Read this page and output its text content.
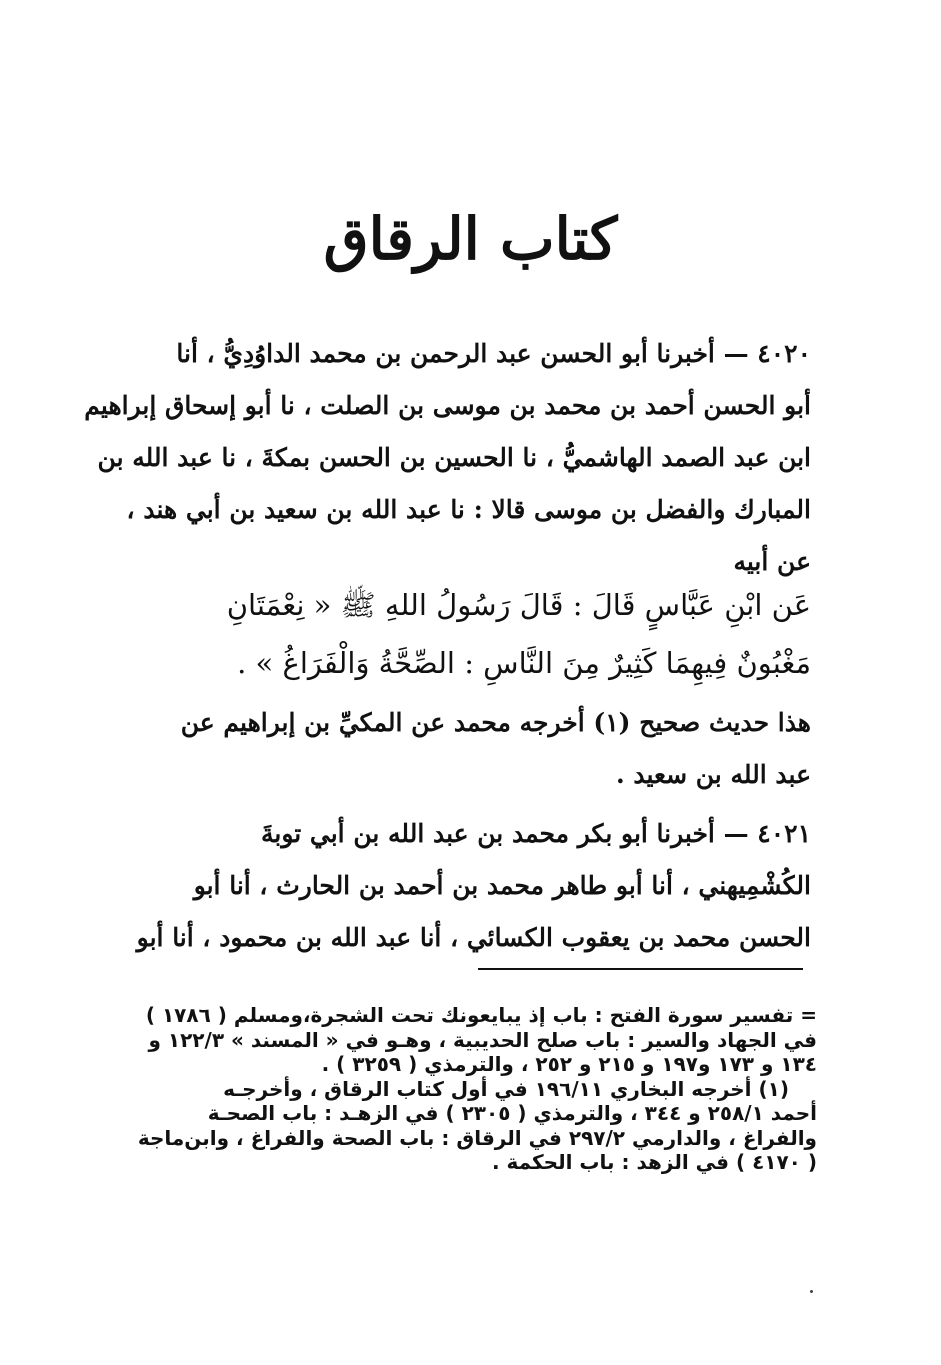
كتاب الرقاق
٤٠٢٠ — أخبرنا أبو الحسن عبد الرحمن بن محمد الداوُدِيُّ ، أنا
أبو الحسن أحمد بن محمد بن موسى بن الصلت ، نا أبو إسحاق إبراهيم
ابن عبد الصمد الهاشميُّ ، نا الحسين بن الحسن بمكةَ ، نا عبد الله بن
المبارك والفضل بن موسى قالا : نا عبد الله بن سعيد بن أبي هند ،
عن أبيه
عَن ابْنِ عَبَّاسٍ قَالَ : قَالَ رَسُولُ اللهِ ﷺ « نِعْمَتَانِ
مَغْبُونٌ فِيهِمَا كَثِيرٌ مِنَ النَّاسِ : الصِّحَّةُ وَالْفَرَاغُ » .
هذا حديث صحيح (١) أخرجه محمد عن المكيِّ بن إبراهيم عن
عبد الله بن سعيد .
٤٠٢١ — أخبرنا أبو بكر محمد بن عبد الله بن أبي توبةَ
الكُشْمِيهني ، أنا أبو طاهر محمد بن أحمد بن الحارث ، أنا أبو
الحسن محمد بن يعقوب الكسائي ، أنا عبد الله بن محمود ، أنا أبو
= تفسير سورة الفتح : باب إذ يبايعونك تحت الشجرة،ومسلم ( ١٧٨٦ )
في الجهاد والسير : باب صلح الحديبية ، وهـو في « المسند » ١٢٢/٣ و
١٣٤ و ١٧٣ و١٩٧ و ٢١٥ و ٢٥٢ ، والترمذي ( ٣٢٥٩ ) .
(١) أخرجه البخاري ١٩٦/١١ في أول كتاب الرقاق ، وأخرجـه
أحمد ٢٥٨/١ و ٣٤٤ ، والترمذي ( ٢٣٠٥ ) في الزهـد : باب الصحـة
والفراغ ، والدارمي ٢٩٧/٢ في الرقاق : باب الصحة والفراغ ، وابن‌ماجة
( ٤١٧٠ ) في الزهد : باب الحكمة .
